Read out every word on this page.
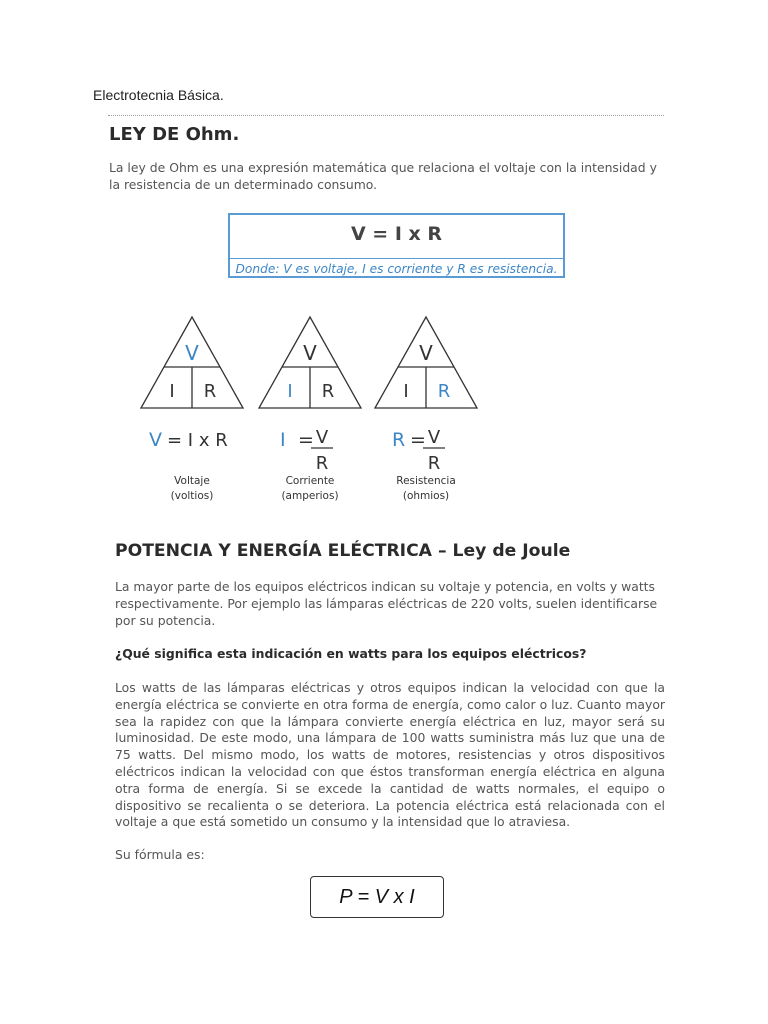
Electrotecnia Básica.
LEY DE Ohm.
La ley de Ohm es una expresión matemática que relaciona el voltaje con la intensidad y la resistencia de un determinado consumo.
V = I x R
Donde: V es voltaje, I es corriente y R es resistencia.
V
I R
V = I x R
Voltaje
(voltios)
V
I R
I = V
R
Corriente
(amperios)
V
I R
R = V
R
Resistencia
(ohmios)
POTENCIA Y ENERGÍA ELÉCTRICA – Ley de Joule
La mayor parte de los equipos eléctricos indican su voltaje y potencia, en volts y watts respectivamente. Por ejemplo las lámparas eléctricas de 220 volts, suelen identificarse por su potencia.
¿Qué significa esta indicación en watts para los equipos eléctricos?
Los watts de las lámparas eléctricas y otros equipos indican la velocidad con que la energía eléctrica se convierte en otra forma de energía, como calor o luz. Cuanto mayor sea la rapidez con que la lámpara convierte energía eléctrica en luz, mayor será su luminosidad. De este modo, una lámpara de 100 watts suministra más luz que una de 75 watts. Del mismo modo, los watts de motores, resistencias y otros dispositivos eléctricos indican la velocidad con que éstos transforman energía eléctrica en alguna otra forma de energía. Si se excede la cantidad de watts normales, el equipo o dispositivo se recalienta o se deteriora. La potencia eléctrica está relacionada con el voltaje a que está sometido un consumo y la intensidad que lo atraviesa.
Su fórmula es:
P = V x I
